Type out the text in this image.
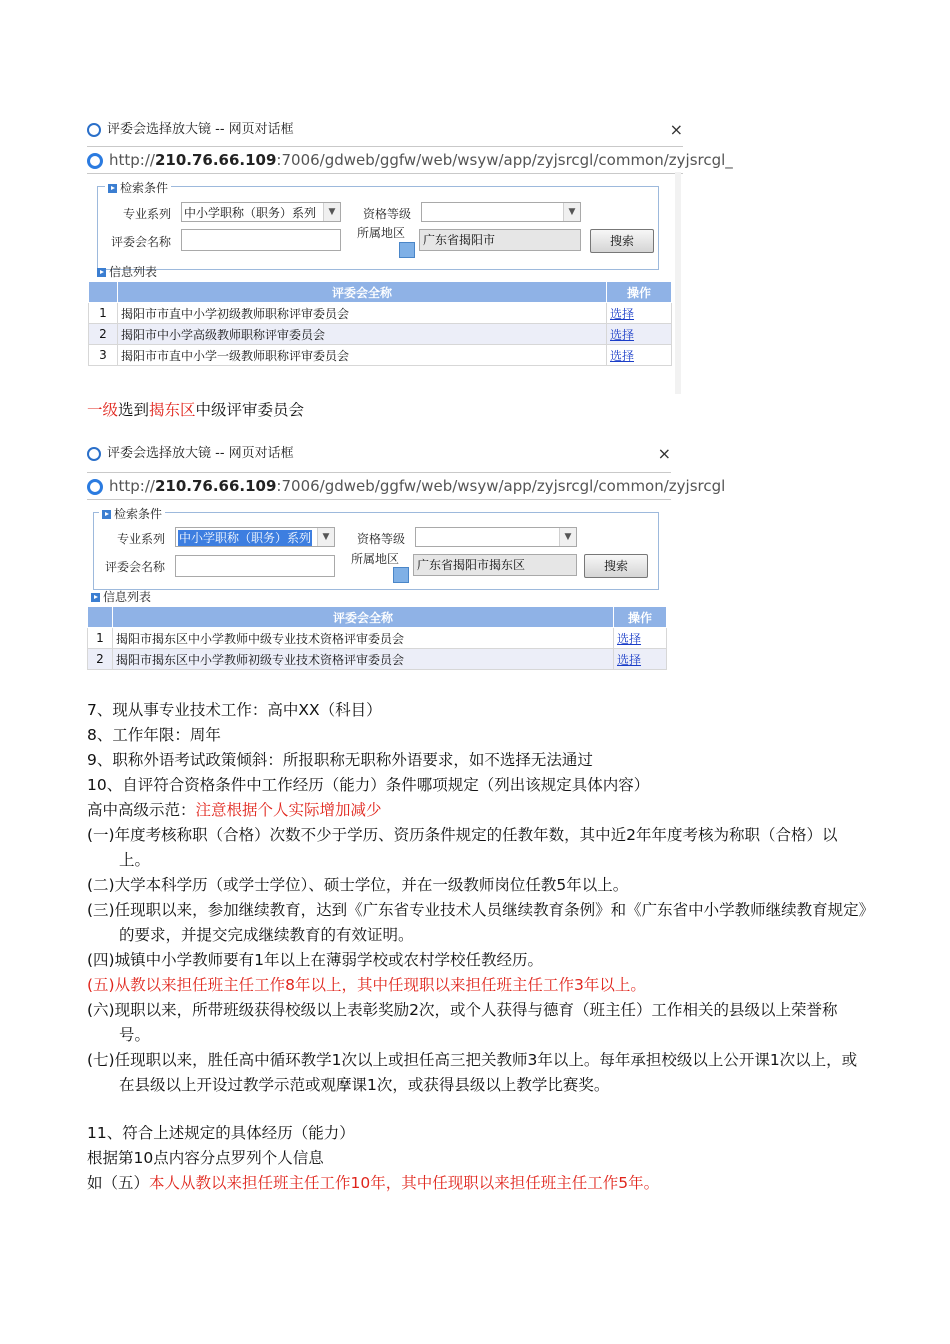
评委会选择放大镜 -- 网页对话框	×
http://210.76.66.109:7006/gdweb/ggfw/web/wsyw/app/zyjsrcgl/common/zyjsrcgl_
检索条件
专业系列 中小学职称（职务）系列	▼	资格等级	▼
评委会名称
所属地区	广东省揭阳市	搜索
信息列表
	评委会全称	操作
1	揭阳市市直中小学初级教师职称评审委员会	选择
2	揭阳市中小学高级教师职称评审委员会	选择
3	揭阳市市直中小学一级教师职称评审委员会	选择
一级选到揭东区中级评审委员会
评委会选择放大镜 -- 网页对话框	×
http://210.76.66.109:7006/gdweb/ggfw/web/wsyw/app/zyjsrcgl/common/zyjsrcgl
检索条件
专业系列	中小学职称（职务）系列	▼	资格等级	▼
评委会名称
所属地区	广东省揭阳市揭东区	搜索
信息列表
	评委会全称	操作
1	揭阳市揭东区中小学教师中级专业技术资格评审委员会	选择
2	揭阳市揭东区中小学教师初级专业技术资格评审委员会	选择
7、现从事专业技术工作：高中XX（科目）
8、工作年限：周年
9、职称外语考试政策倾斜：所报职称无职称外语要求，如不选择无法通过
10、自评符合资格条件中工作经历（能力）条件哪项规定（列出该规定具体内容）
高中高级示范：注意根据个人实际增加减少
(一)年度考核称职（合格）次数不少于学历、资历条件规定的任教年数，其中近2年年度考核为称职（合格）以上。
(二)大学本科学历（或学士学位）、硕士学位，并在一级教师岗位任教5年以上。
(三)任现职以来，参加继续教育，达到《广东省专业技术人员继续教育条例》和《广东省中小学教师继续教育规定》的要求，并提交完成继续教育的有效证明。
(四)城镇中小学教师要有1年以上在薄弱学校或农村学校任教经历。
(五)从教以来担任班主任工作8年以上，其中任现职以来担任班主任工作3年以上。
(六)现职以来，所带班级获得校级以上表彰奖励2次，或个人获得与德育（班主任）工作相关的县级以上荣誉称号。
(七)任现职以来，胜任高中循环教学1次以上或担任高三把关教师3年以上。每年承担校级以上公开课1次以上，或在县级以上开设过教学示范或观摩课1次，或获得县级以上教学比赛奖。
11、符合上述规定的具体经历（能力）
根据第10点内容分点罗列个人信息
如（五）本人从教以来担任班主任工作10年，其中任现职以来担任班主任工作5年。
